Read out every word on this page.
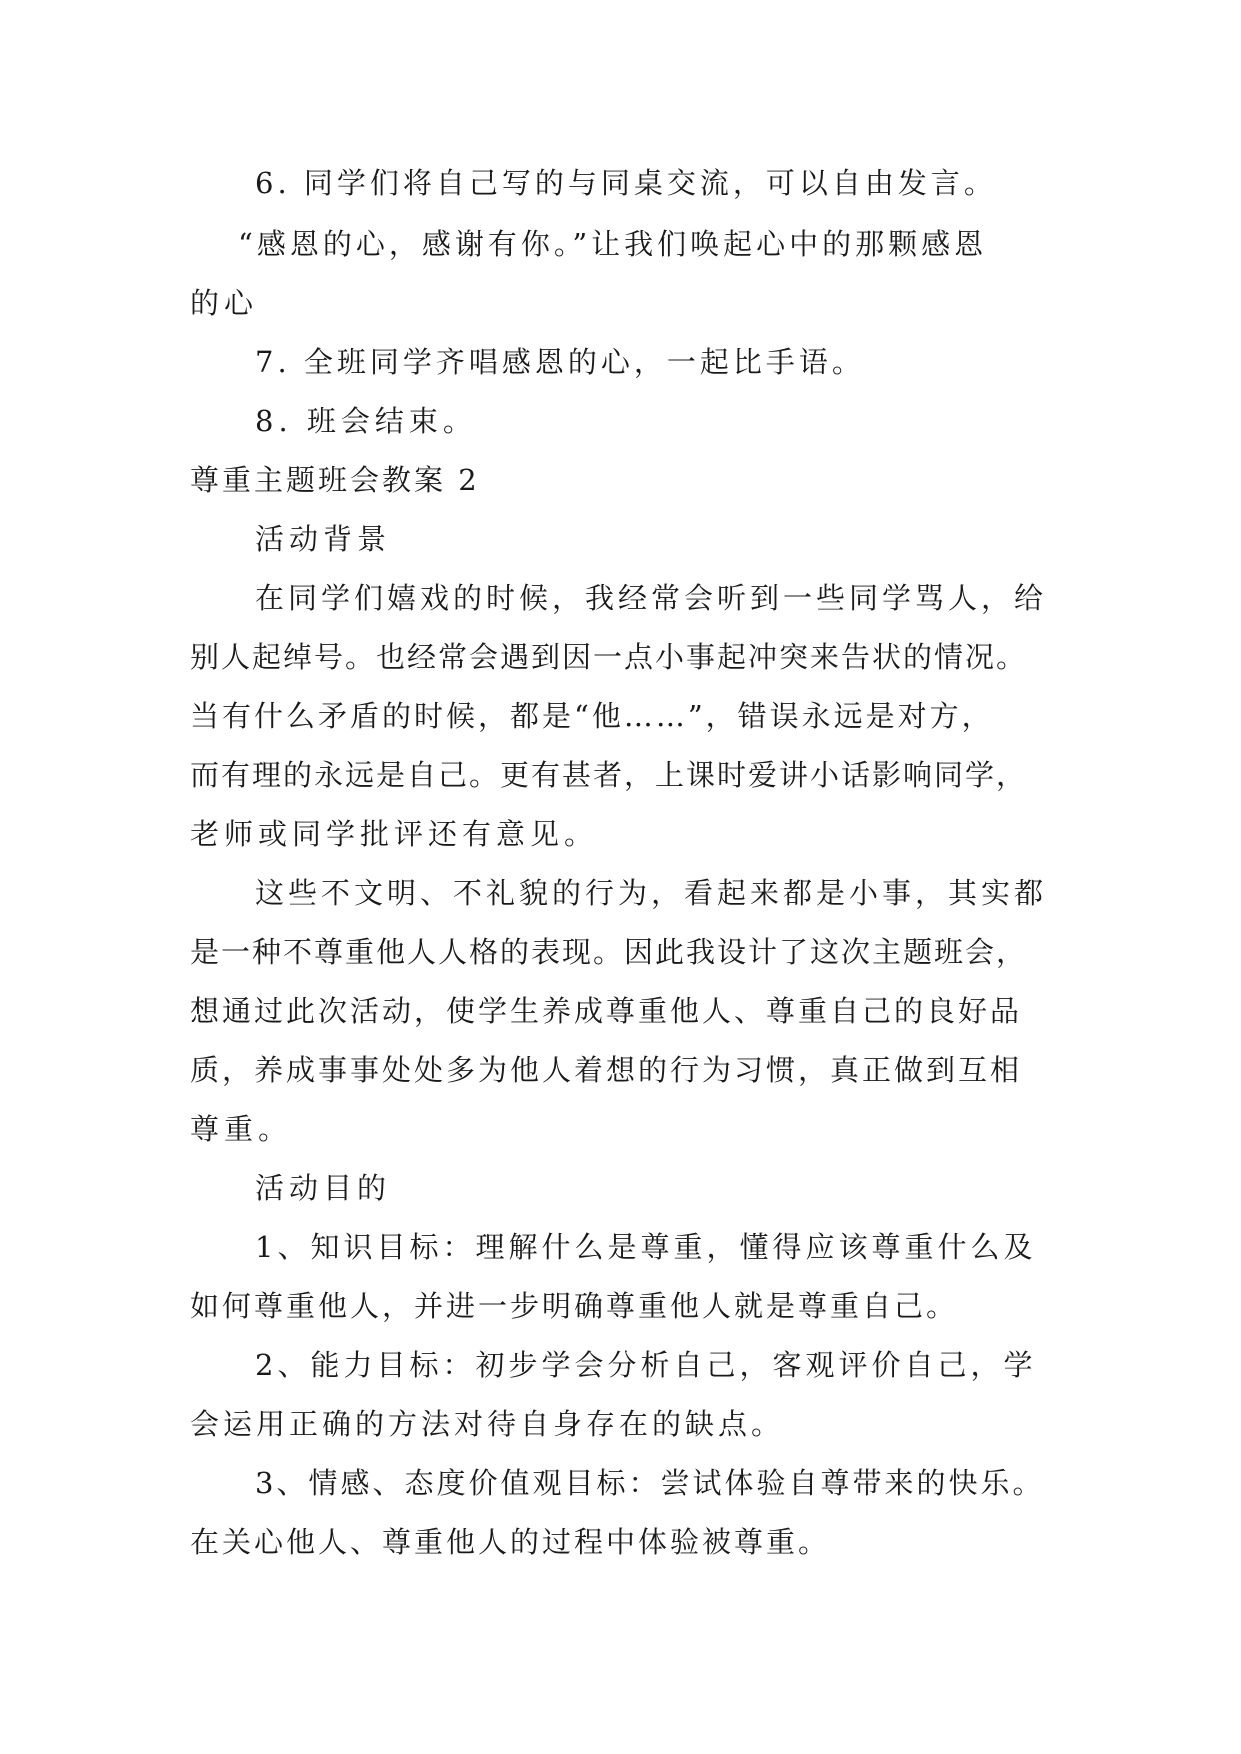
6. 同学们将自己写的与同桌交流，可以自由发言。
“感恩的心，感谢有你。”让我们唤起心中的那颗感恩
的心
7. 全班同学齐唱感恩的心，一起比手语。
8. 班会结束。
尊重主题班会教案 2
活动背景
在同学们嬉戏的时候，我经常会听到一些同学骂人，给
别人起绰号。也经常会遇到因一点小事起冲突来告状的情况。
当有什么矛盾的时候，都是“他……”，错误永远是对方，
而有理的永远是自己。更有甚者，上课时爱讲小话影响同学，
老师或同学批评还有意见。
这些不文明、不礼貌的行为，看起来都是小事，其实都
是一种不尊重他人人格的表现。因此我设计了这次主题班会，
想通过此次活动，使学生养成尊重他人、尊重自己的良好品
质，养成事事处处多为他人着想的行为习惯，真正做到互相
尊重。
活动目的
1、知识目标：理解什么是尊重，懂得应该尊重什么及
如何尊重他人，并进一步明确尊重他人就是尊重自己。
2、能力目标：初步学会分析自己，客观评价自己，学
会运用正确的方法对待自身存在的缺点。
3、情感、态度价值观目标：尝试体验自尊带来的快乐。
在关心他人、尊重他人的过程中体验被尊重。
